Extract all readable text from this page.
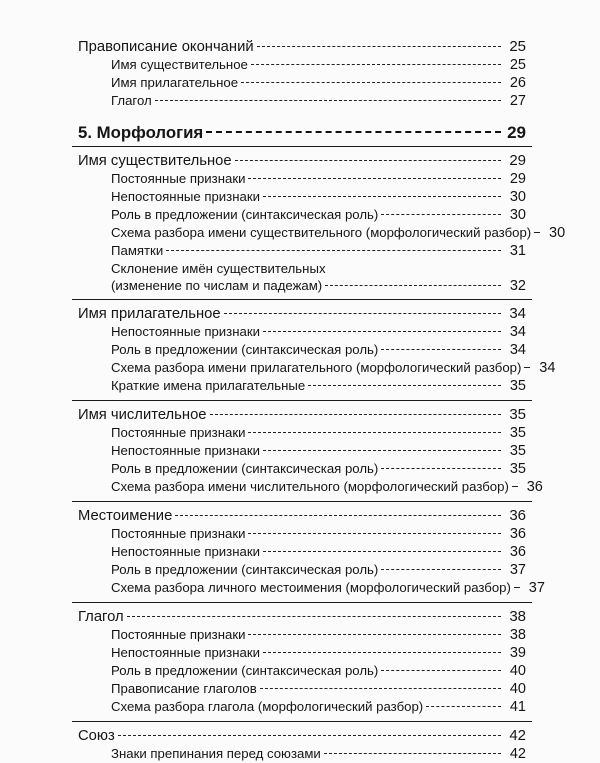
Правописание окончаний	25
Имя существительное	25
Имя прилагательное	26
Глагол	27
5. Морфология	29
Имя существительное	29
Постоянные признаки	29
Непостоянные признаки	30
Роль в предложении (синтаксическая роль)	30
Схема разбора имени существительного (морфологический разбор)	30
Памятки	31
Склонение имён существительных
(изменение по числам и падежам)	32
Имя прилагательное	34
Непостоянные признаки	34
Роль в предложении (синтаксическая роль)	34
Схема разбора имени прилагательного (морфологический разбор)	34
Краткие имена прилагательные	35
Имя числительное	35
Постоянные признаки	35
Непостоянные признаки	35
Роль в предложении (синтаксическая роль)	35
Схема разбора имени числительного (морфологический разбор)	36
Местоимение	36
Постоянные признаки	36
Непостоянные признаки	36
Роль в предложении (синтаксическая роль)	37
Схема разбора личного местоимения (морфологический разбор)	37
Глагол	38
Постоянные признаки	38
Непостоянные признаки	39
Роль в предложении (синтаксическая роль)	40
Правописание глаголов	40
Схема разбора глагола (морфологический разбор)	41
Союз	42
Знаки препинания перед союзами	42
